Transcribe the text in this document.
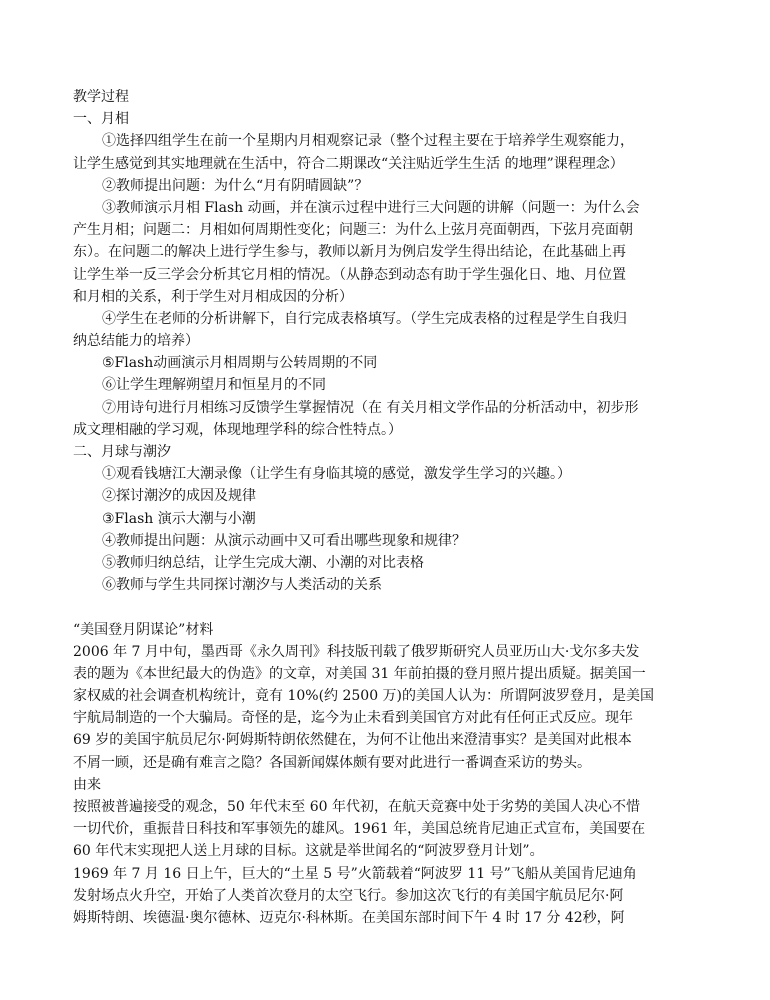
教学过程
一、月相
①选择四组学生在前一个星期内月相观察记录（整个过程主要在于培养学生观察能力，
让学生感觉到其实地理就在生活中，符合二期课改“关注贴近学生生活 的地理”课程理念）
②教师提出问题：为什么“月有阴晴圆缺”？
③教师演示月相 Flash 动画，并在演示过程中进行三大问题的讲解（问题一：为什么会
产生月相；问题二：月相如何周期性变化；问题三：为什么上弦月亮面朝西，下弦月亮面朝
东）。在问题二的解决上进行学生参与，教师以新月为例启发学生得出结论，在此基础上再
让学生举一反三学会分析其它月相的情况。（从静态到动态有助于学生强化日、地、月位置
和月相的关系，利于学生对月相成因的分析）
④学生在老师的分析讲解下，自行完成表格填写。（学生完成表格的过程是学生自我归
纳总结能力的培养）
⑤Flash动画演示月相周期与公转周期的不同
⑥让学生理解朔望月和恒星月的不同
⑦用诗句进行月相练习反馈学生掌握情况（在 有关月相文学作品的分析活动中，初步形
成文理相融的学习观，体现地理学科的综合性特点。）
二、月球与潮汐
①观看钱塘江大潮录像（让学生有身临其境的感觉，激发学生学习的兴趣。）
②探讨潮汐的成因及规律
③Flash 演示大潮与小潮
④教师提出问题：从演示动画中又可看出哪些现象和规律？
⑤教师归纳总结，让学生完成大潮、小潮的对比表格
⑥教师与学生共同探讨潮汐与人类活动的关系
“美国登月阴谋论”材料
2006 年 7 月中旬，墨西哥《永久周刊》科技版刊载了俄罗斯研究人员亚历山大·戈尔多夫发
表的题为《本世纪最大的伪造》的文章，对美国 31 年前拍摄的登月照片提出质疑。据美国一
家权威的社会调查机构统计，竟有 10%(约 2500 万)的美国人认为：所谓阿波罗登月，是美国
宇航局制造的一个大骗局。奇怪的是，迄今为止未看到美国官方对此有任何正式反应。现年
69 岁的美国宇航员尼尔·阿姆斯特朗依然健在，为何不让他出来澄清事实？是美国对此根本
不屑一顾，还是确有难言之隐？各国新闻媒体颇有要对此进行一番调查采访的势头。
由来
按照被普遍接受的观念，50 年代末至 60 年代初，在航天竞赛中处于劣势的美国人决心不惜
一切代价，重振昔日科技和军事领先的雄风。1961 年，美国总统肯尼迪正式宣布，美国要在
60 年代末实现把人送上月球的目标。这就是举世闻名的“阿波罗登月计划”。
1969 年 7 月 16 日上午，巨大的“土星 5 号”火箭载着“阿波罗 11 号”飞船从美国肯尼迪角
发射场点火升空，开始了人类首次登月的太空飞行。参加这次飞行的有美国宇航员尼尔·阿
姆斯特朗、埃德温·奥尔德林、迈克尔·科林斯。在美国东部时间下午 4 时 17 分 42秒，阿
